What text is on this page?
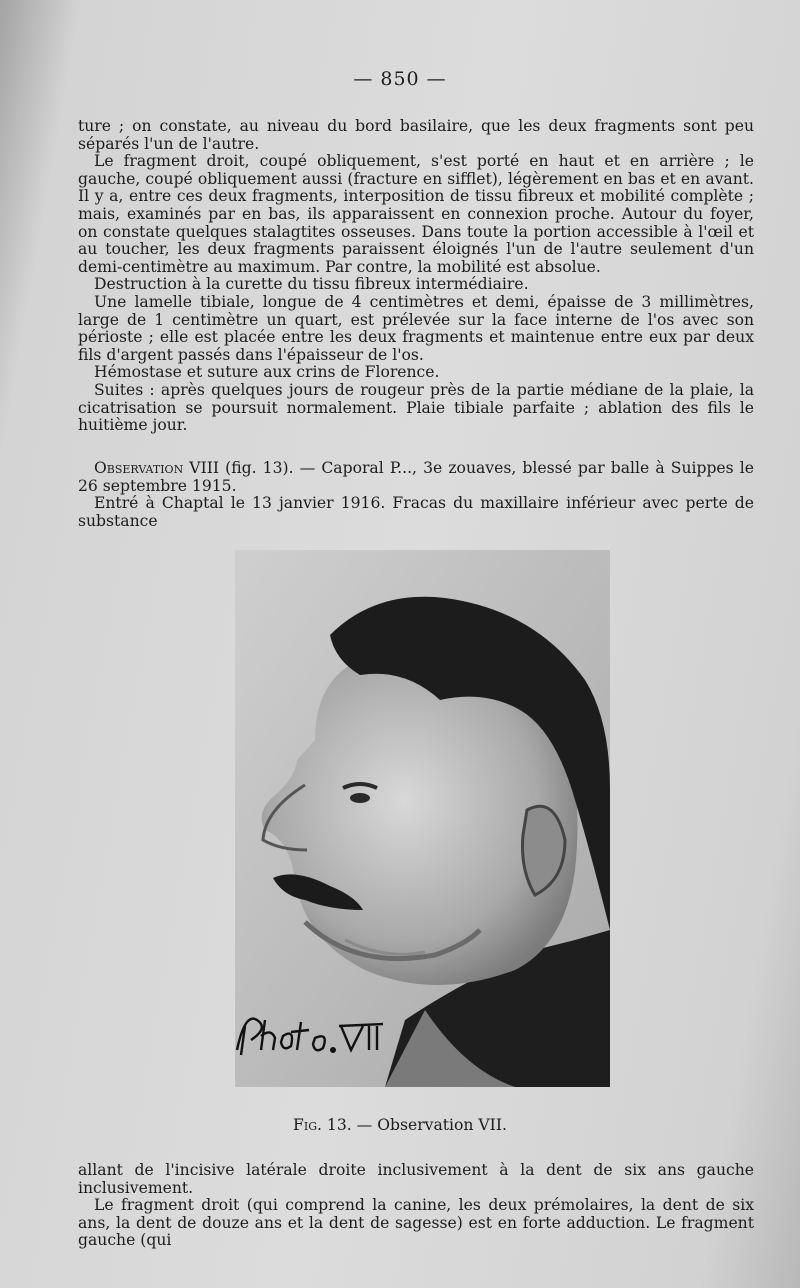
— 850 —

ture ; on constate, au niveau du bord basilaire, que les deux fragments sont peu séparés l'un de l'autre.

Le fragment droit, coupé obliquement, s'est porté en haut et en arrière ; le gauche, coupé obliquement aussi (fracture en sifflet), légèrement en bas et en avant. Il y a, entre ces deux fragments, interposition de tissu fibreux et mobilité complète ; mais, examinés par en bas, ils apparaissent en connexion proche. Autour du foyer, on constate quelques stalagtites osseuses. Dans toute la portion accessible à l'œil et au toucher, les deux fragments paraissent éloignés l'un de l'autre seulement d'un demi-centimètre au maximum. Par contre, la mobilité est absolue.

Destruction à la curette du tissu fibreux intermédiaire.

Une lamelle tibiale, longue de 4 centimètres et demi, épaisse de 3 millimètres, large de 1 centimètre un quart, est prélevée sur la face interne de l'os avec son périoste ; elle est placée entre les deux fragments et maintenue entre eux par deux fils d'argent passés dans l'épaisseur de l'os.

Hémostase et suture aux crins de Florence.

Suites : après quelques jours de rougeur près de la partie médiane de la plaie, la cicatrisation se poursuit normalement. Plaie tibiale parfaite ; ablation des fils le huitième jour.

Observation VIII (fig. 13). — Caporal P..., 3e zouaves, blessé par balle à Suippes le 26 septembre 1915.

Entré à Chaptal le 13 janvier 1916. Fracas du maxillaire inférieur avec perte de substance

Fig. 13. — Observation VII.

allant de l'incisive latérale droite inclusivement à la dent de six ans gauche inclusivement.

Le fragment droit (qui comprend la canine, les deux prémolaires, la dent de six ans, la dent de douze ans et la dent de sagesse) est en forte adduction. Le fragment gauche (qui
